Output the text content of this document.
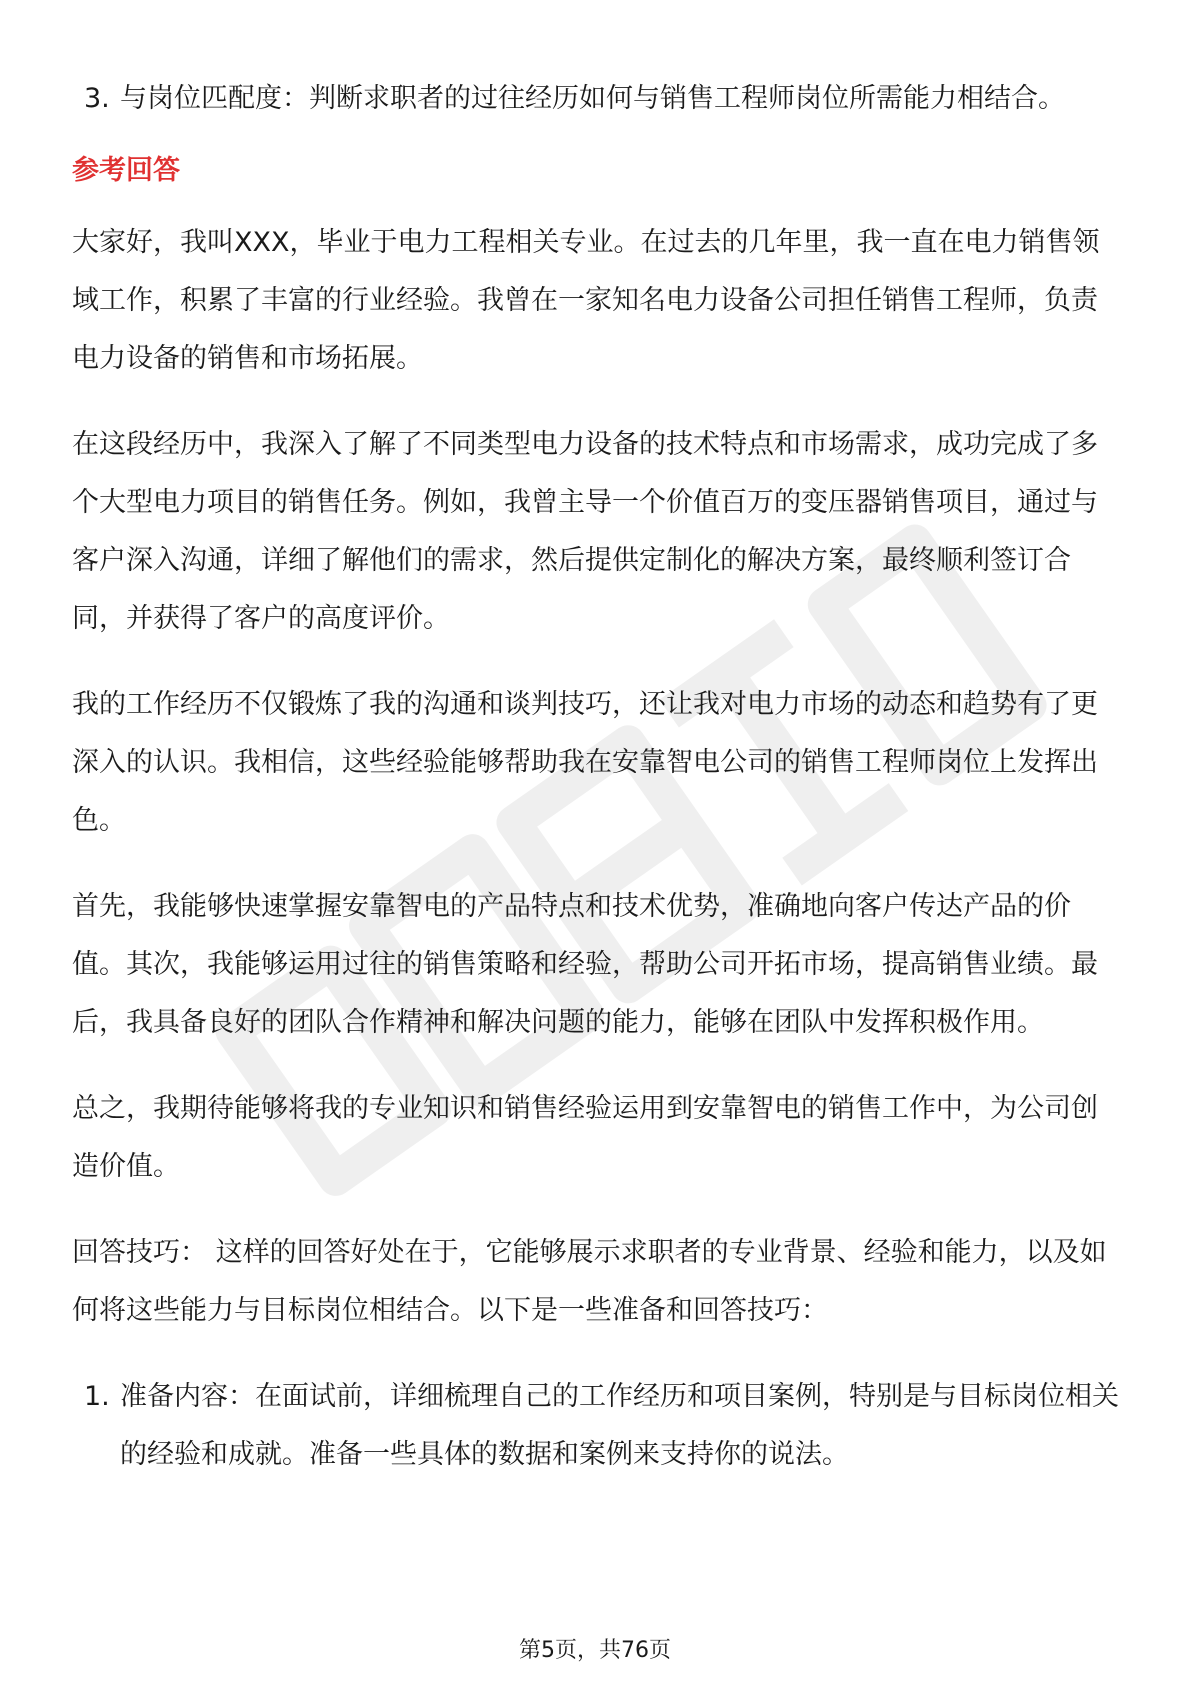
3. 与岗位匹配度：判断求职者的过往经历如何与销售工程师岗位所需能力相结合。
参考回答

大家好，我叫XXX，毕业于电力工程相关专业。在过去的几年里，我一直在电力销售领域工作，积累了丰富的行业经验。我曾在一家知名电力设备公司担任销售工程师，负责电力设备的销售和市场拓展。

在这段经历中，我深入了解了不同类型电力设备的技术特点和市场需求，成功完成了多个大型电力项目的销售任务。例如，我曾主导一个价值百万的变压器销售项目，通过与客户深入沟通，详细了解他们的需求，然后提供定制化的解决方案，最终顺利签订合同，并获得了客户的高度评价。

我的工作经历不仅锻炼了我的沟通和谈判技巧，还让我对电力市场的动态和趋势有了更深入的认识。我相信，这些经验能够帮助我在安靠智电公司的销售工程师岗位上发挥出色。

首先，我能够快速掌握安靠智电的产品特点和技术优势，准确地向客户传达产品的价值。其次，我能够运用过往的销售策略和经验，帮助公司开拓市场，提高销售业绩。最后，我具备良好的团队合作精神和解决问题的能力，能够在团队中发挥积极作用。

总之，我期待能够将我的专业知识和销售经验运用到安靠智电的销售工作中，为公司创造价值。

回答技巧： 这样的回答好处在于，它能够展示求职者的专业背景、经验和能力，以及如何将这些能力与目标岗位相结合。以下是一些准备和回答技巧：

1. 准备内容：在面试前，详细梳理自己的工作经历和项目案例，特别是与目标岗位相关的经验和成就。准备一些具体的数据和案例来支持你的说法。
第5页，共76页
